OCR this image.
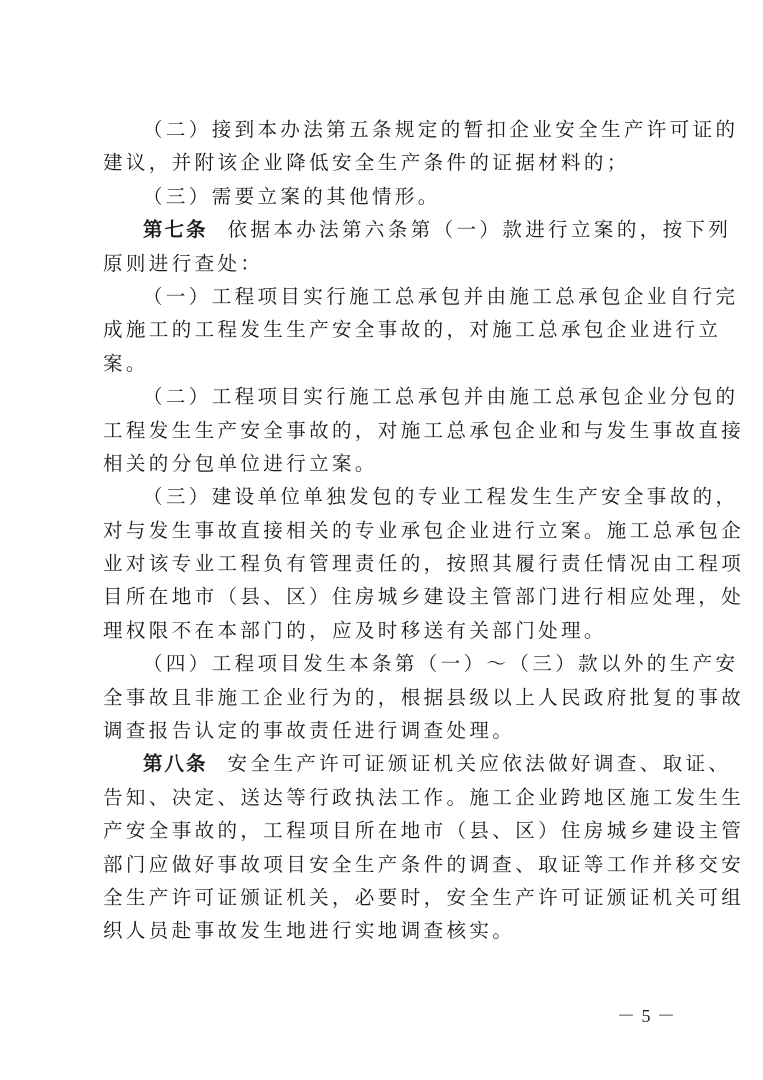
（二）接到本办法第五条规定的暂扣企业安全生产许可证的
建议，并附该企业降低安全生产条件的证据材料的；

（三）需要立案的其他情形。

第七条 依据本办法第六条第（一）款进行立案的，按下列
原则进行查处：

（一）工程项目实行施工总承包并由施工总承包企业自行完
成施工的工程发生生产安全事故的，对施工总承包企业进行立
案。

（二）工程项目实行施工总承包并由施工总承包企业分包的
工程发生生产安全事故的，对施工总承包企业和与发生事故直接
相关的分包单位进行立案。

（三）建设单位单独发包的专业工程发生生产安全事故的，
对与发生事故直接相关的专业承包企业进行立案。施工总承包企
业对该专业工程负有管理责任的，按照其履行责任情况由工程项
目所在地市（县、区）住房城乡建设主管部门进行相应处理，处
理权限不在本部门的，应及时移送有关部门处理。

（四）工程项目发生本条第（一）～（三）款以外的生产安
全事故且非施工企业行为的，根据县级以上人民政府批复的事故
调查报告认定的事故责任进行调查处理。

第八条 安全生产许可证颁证机关应依法做好调查、取证、
告知、决定、送达等行政执法工作。施工企业跨地区施工发生生
产安全事故的，工程项目所在地市（县、区）住房城乡建设主管
部门应做好事故项目安全生产条件的调查、取证等工作并移交安
全生产许可证颁证机关，必要时，安全生产许可证颁证机关可组
织人员赴事故发生地进行实地调查核实。

－ 5 －
